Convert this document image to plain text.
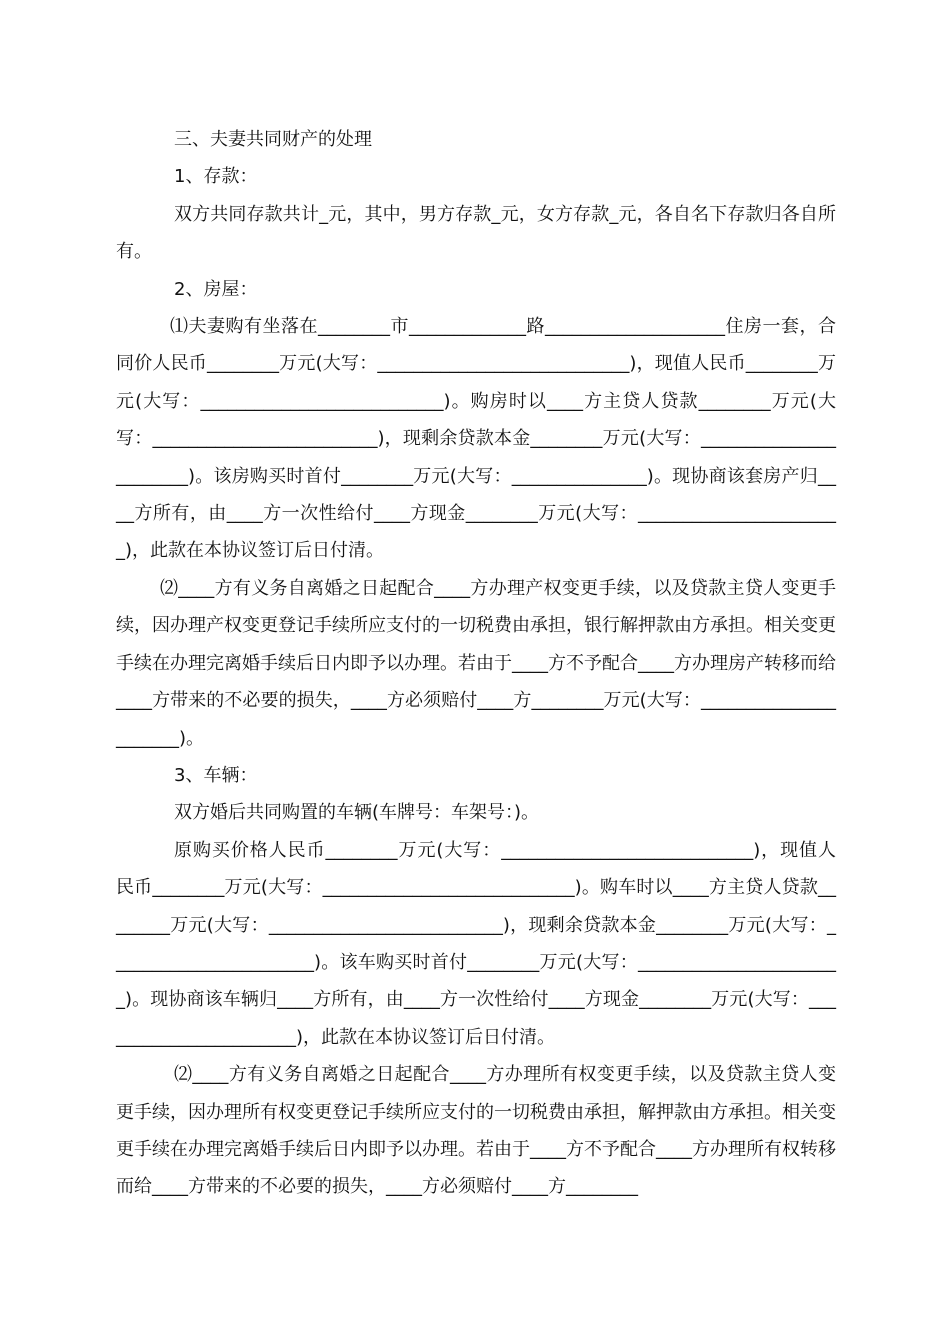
三、夫妻共同财产的处理

1、存款：

双方共同存款共计_元，其中，男方存款_元，女方存款_元，各自名下存款归各自所有。

2、房屋：

⑴夫妻购有坐落在________市_____________路____________________住房一套，合同价人民币________万元(大写：____________________________)，现值人民币________万元(大写：___________________________)。购房时以____方主贷人贷款________万元(大写：_________________________)，现剩余贷款本金________万元(大写：_______________________)。该房购买时首付________万元(大写：_______________)。现协商该套房产归____方所有，由____方一次性给付____方现金________万元(大写：_______________________)，此款在本协议签订后日付清。

⑵____方有义务自离婚之日起配合____方办理产权变更手续，以及贷款主贷人变更手续，因办理产权变更登记手续所应支付的一切税费由承担，银行解押款由方承担。相关变更手续在办理完离婚手续后日内即予以办理。若由于____方不予配合____方办理房产转移而给____方带来的不必要的损失，____方必须赔付____方________万元(大写：______________________)。

3、车辆：

双方婚后共同购置的车辆(车牌号：车架号：)。

原购买价格人民币________万元(大写：____________________________)，现值人民币________万元(大写：____________________________)。购车时以____方主贷人贷款________万元(大写：__________________________)，现剩余贷款本金________万元(大写：_______________________)。该车购买时首付________万元(大写：_______________________)。现协商该车辆归____方所有，由____方一次性给付____方现金________万元(大写：_______________________)，此款在本协议签订后日付清。

⑵____方有义务自离婚之日起配合____方办理所有权变更手续，以及贷款主贷人变更手续，因办理所有权变更登记手续所应支付的一切税费由承担，解押款由方承担。相关变更手续在办理完离婚手续后日内即予以办理。若由于____方不予配合____方办理所有权转移而给____方带来的不必要的损失，____方必须赔付____方________
